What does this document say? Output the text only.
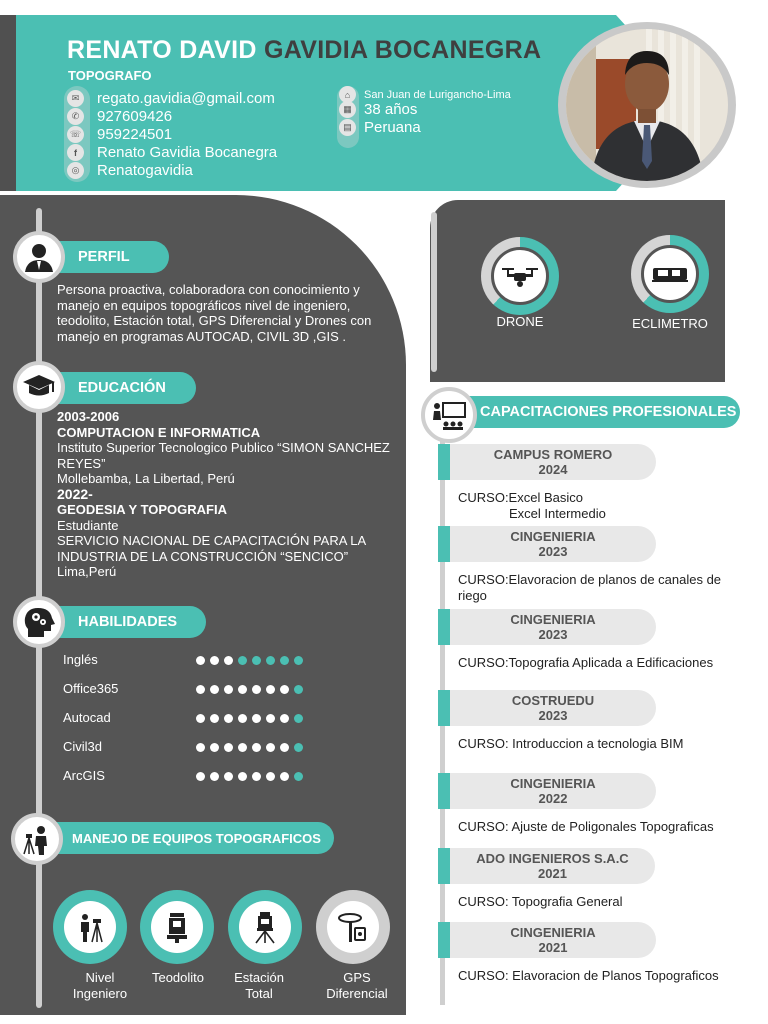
RENATO DAVID GAVIDIA BOCANEGRA
TOPOGRAFO
✉	regato.gavidia@gmail.com
✆	927609426
☏ 959224501
f	Renato Gavidia Bocanegra
◎	Renatogavidia
⌂	San Juan de Lurigancho-Lima
▦ 38 años
▤ Peruana
PERFIL
Persona proactiva, colaboradora con conocimiento y manejo en equipos topográficos nivel de ingeniero, teodolito, Estación total, GPS Diferencial y Drones con manejo en programas AUTOCAD, CIVIL 3D ,GIS .
EDUCACIÓN
2003-2006
COMPUTACION E INFORMATICA
Instituto Superior Tecnologico Publico “SIMON SANCHEZ REYES”
Mollebamba, La Libertad, Perú
2022-
GEODESIA Y TOPOGRAFIA
Estudiante
SERVICIO NACIONAL DE CAPACITACIÓN PARA LA INDUSTRIA DE LA CONSTRUCCIÓN “SENCICO”
Lima,Perú
HABILIDADES
Inglés
Office365
Autocad
Civil3d
ArcGIS
MANEJO DE EQUIPOS TOPOGRAFICOS
Nivel
Ingeniero
Teodolito	Estación
Total
GPS
Diferencial
DRONE	ECLIMETRO
CAPACITACIONES PROFESIONALES
CAMPUS ROMERO
2024
CURSO:Excel Basico
Excel Intermedio
CINGENIERIA
2023
CURSO:Elavoracion de planos de canales de
riego
CINGENIERIA
2023
CURSO:Topografia Aplicada a Edificaciones
COSTRUEDU
2023
CURSO: Introduccion a tecnologia BIM
CINGENIERIA
2022
CURSO: Ajuste de Poligonales Topograficas
ADO INGENIEROS S.A.C
2021
CURSO: Topografia General
CINGENIERIA
2021
CURSO: Elavoracion de Planos Topograficos
